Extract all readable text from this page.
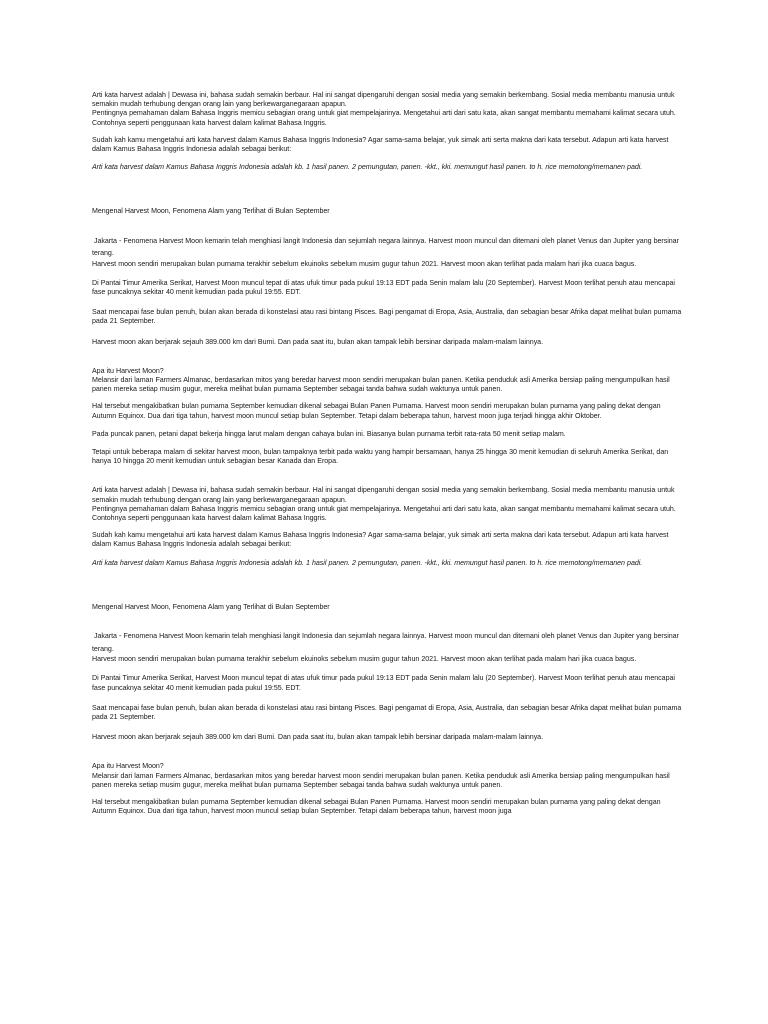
Arti kata harvest adalah | Dewasa ini, bahasa sudah semakin berbaur. Hal ini sangat dipengaruhi dengan sosial media yang semakin berkembang. Sosial media membantu manusia untuk semakin mudah terhubung dengan orang lain yang berkewarganegaraan apapun.

Pentingnya pemahaman dalam Bahasa Inggris memicu sebagian orang untuk giat mempelajarinya. Mengetahui arti dari satu kata, akan sangat membantu memahami kalimat secara utuh. Contohnya seperti penggunaan kata harvest dalam kalimat Bahasa Inggris.

Sudah kah kamu mengetahui arti kata harvest dalam Kamus Bahasa Inggris Indonesia? Agar sama-sama belajar, yuk simak arti serta makna dari kata tersebut. Adapun arti kata harvest dalam Kamus Bahasa Inggris Indonesia adalah sebagai berikut:

Arti kata harvest dalam Kamus Bahasa Inggris Indonesia adalah kb. 1 hasil panen. 2 pemungutan, panen. -kkt., kki. memungut hasil panen. to h. rice memotong/memanen padi.

Mengenal Harvest Moon, Fenomena Alam yang Terlihat di Bulan September

Jakarta - Fenomena Harvest Moon kemarin telah menghiasi langit Indonesia dan sejumlah negara lainnya. Harvest moon muncul dan ditemani oleh planet Venus dan Jupiter yang bersinar terang.

Harvest moon sendiri merupakan bulan purnama terakhir sebelum ekuinoks sebelum musim gugur tahun 2021. Harvest moon akan terlihat pada malam hari jika cuaca bagus.

Di Pantai Timur Amerika Serikat, Harvest Moon muncul tepat di atas ufuk timur pada pukul 19:13 EDT pada Senin malam lalu (20 September). Harvest Moon terlihat penuh atau mencapai fase puncaknya sekitar 40 menit kemudian pada pukul 19:55. EDT.

Saat mencapai fase bulan penuh, bulan akan berada di konstelasi atau rasi bintang Pisces. Bagi pengamat di Eropa, Asia, Australia, dan sebagian besar Afrika dapat melihat bulan purnama pada 21 September.

Harvest moon akan berjarak sejauh 389.000 km dari Bumi. Dan pada saat itu, bulan akan tampak lebih bersinar daripada malam-malam lainnya.

Apa itu Harvest Moon?

Melansir dari laman Farmers Almanac, berdasarkan mitos yang beredar harvest moon sendiri merupakan bulan panen. Ketika penduduk asli Amerika bersiap paling mengumpulkan hasil panen mereka setiap musim gugur, mereka melihat bulan purnama September sebagai tanda bahwa sudah waktunya untuk panen.

Hal tersebut mengakibatkan bulan purnama September kemudian dikenal sebagai Bulan Panen Purnama. Harvest moon sendiri merupakan bulan purnama yang paling dekat dengan Autumn Equinox. Dua dari tiga tahun, harvest moon muncul setiap bulan September. Tetapi dalam beberapa tahun, harvest moon juga terjadi hingga akhir Oktober.

Pada puncak panen, petani dapat bekerja hingga larut malam dengan cahaya bulan ini. Biasanya bulan purnama terbit rata-rata 50 menit setiap malam.

Tetapi untuk beberapa malam di sekitar harvest moon, bulan tampaknya terbit pada waktu yang hampir bersamaan, hanya 25 hingga 30 menit kemudian di seluruh Amerika Serikat, dan hanya 10 hingga 20 menit kemudian untuk sebagian besar Kanada dan Eropa.

Arti kata harvest adalah | Dewasa ini, bahasa sudah semakin berbaur. Hal ini sangat dipengaruhi dengan sosial media yang semakin berkembang. Sosial media membantu manusia untuk semakin mudah terhubung dengan orang lain yang berkewarganegaraan apapun.

Pentingnya pemahaman dalam Bahasa Inggris memicu sebagian orang untuk giat mempelajarinya. Mengetahui arti dari satu kata, akan sangat membantu memahami kalimat secara utuh. Contohnya seperti penggunaan kata harvest dalam kalimat Bahasa Inggris.

Sudah kah kamu mengetahui arti kata harvest dalam Kamus Bahasa Inggris Indonesia? Agar sama-sama belajar, yuk simak arti serta makna dari kata tersebut. Adapun arti kata harvest dalam Kamus Bahasa Inggris Indonesia adalah sebagai berikut:

Arti kata harvest dalam Kamus Bahasa Inggris Indonesia adalah kb. 1 hasil panen. 2 pemungutan, panen. -kkt., kki. memungut hasil panen. to h. rice memotong/memanen padi.

Mengenal Harvest Moon, Fenomena Alam yang Terlihat di Bulan September

Jakarta - Fenomena Harvest Moon kemarin telah menghiasi langit Indonesia dan sejumlah negara lainnya. Harvest moon muncul dan ditemani oleh planet Venus dan Jupiter yang bersinar terang.

Harvest moon sendiri merupakan bulan purnama terakhir sebelum ekuinoks sebelum musim gugur tahun 2021. Harvest moon akan terlihat pada malam hari jika cuaca bagus.

Di Pantai Timur Amerika Serikat, Harvest Moon muncul tepat di atas ufuk timur pada pukul 19:13 EDT pada Senin malam lalu (20 September). Harvest Moon terlihat penuh atau mencapai fase puncaknya sekitar 40 menit kemudian pada pukul 19:55. EDT.

Saat mencapai fase bulan penuh, bulan akan berada di konstelasi atau rasi bintang Pisces. Bagi pengamat di Eropa, Asia, Australia, dan sebagian besar Afrika dapat melihat bulan purnama pada 21 September.

Harvest moon akan berjarak sejauh 389.000 km dari Bumi. Dan pada saat itu, bulan akan tampak lebih bersinar daripada malam-malam lainnya.

Apa itu Harvest Moon?

Melansir dari laman Farmers Almanac, berdasarkan mitos yang beredar harvest moon sendiri merupakan bulan panen. Ketika penduduk asli Amerika bersiap paling mengumpulkan hasil panen mereka setiap musim gugur, mereka melihat bulan purnama September sebagai tanda bahwa sudah waktunya untuk panen.

Hal tersebut mengakibatkan bulan purnama September kemudian dikenal sebagai Bulan Panen Purnama. Harvest moon sendiri merupakan bulan purnama yang paling dekat dengan Autumn Equinox. Dua dari tiga tahun, harvest moon muncul setiap bulan September. Tetapi dalam beberapa tahun, harvest moon juga
